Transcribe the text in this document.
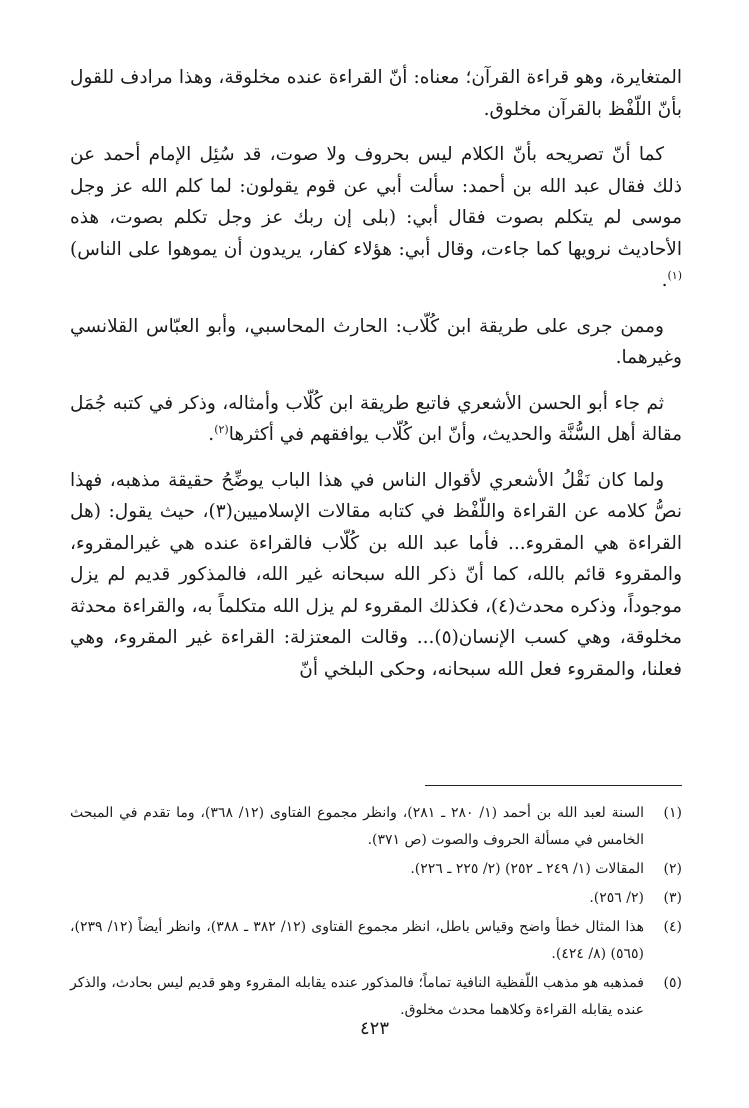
المتغايرة، وهو قراءة القرآن؛ معناه: أنّ القراءة عنده مخلوقة، وهذا مرادف للقول بأنّ اللّفْظ بالقرآن مخلوق.

كما أنّ تصريحه بأنّ الكلام ليس بحروف ولا صوت، قد سُئِل الإمام أحمد عن ذلك فقال عبد الله بن أحمد: سألت أبي عن قوم يقولون: لما كلم الله عز وجل موسى لم يتكلم بصوت فقال أبي: (بلى إن ربك عز وجل تكلم بصوت، هذه الأحاديث نرويها كما جاءت، وقال أبي: هؤلاء كفار، يريدون أن يموهوا على الناس)$^{(١)}$.

وممن جرى على طريقة ابن كُلّاب: الحارث المحاسبي، وأبو العبّاس القلانسي وغيرهما.

ثم جاء أبو الحسن الأشعري فاتبع طريقة ابن كُلّاب وأمثاله، وذكر في كتبه جُمَل مقالة أهل السُّنَّة والحديث، وأنّ ابن كُلّاب يوافقهم في أكثرها$^{(٢)}$.

ولما كان نَقْلُ الأشعري لأقوال الناس في هذا الباب يوضِّحُ حقيقة مذهبه، فهذا نصُّ كلامه عن القراءة واللّفْظ في كتابه مقالات الإسلاميين(٣)، حيث يقول: (هل القراءة هي المقروء... فأما عبد الله بن كُلّاب فالقراءة عنده هي غيرالمقروء، والمقروء قائم بالله، كما أنّ ذكر الله سبحانه غير الله، فالمذكور قديم لم يزل موجوداً، وذكره محدث(٤)، فكذلك المقروء لم يزل الله متكلماً به، والقراءة محدثة مخلوقة، وهي كسب الإنسان(٥)... وقالت المعتزلة: القراءة غير المقروء، وهي فعلنا، والمقروء فعل الله سبحانه، وحكى البلخي أنّ

(١)
السنة لعبد الله بن أحمد (١/ ٢٨٠ ـ ٢٨١)، وانظر مجموع الفتاوى (١٢/ ٣٦٨)، وما تقدم في المبحث الخامس في مسألة الحروف والصوت (ص ٣٧١).
(٢)
المقالات (١/ ٢٤٩ ـ ٢٥٢) (٢/ ٢٢٥ ـ ٢٢٦).
(٣)
(٢/ ٢٥٦).
(٤)
هذا المثال خطأ واضح وقياس باطل، انظر مجموع الفتاوى (١٢/ ٣٨٢ ـ ٣٨٨)، وانظر أيضاً (١٢/ ٢٣٩)، (٥٦٥) (٨/ ٤٢٤).
(٥)
فمذهبه هو مذهب اللّفظية النافية تماماً؛ فالمذكور عنده يقابله المقروء وهو قديم ليس بحادث، والذكر عنده يقابله القراءة وكلاهما محدث مخلوق.
٤٢٣
